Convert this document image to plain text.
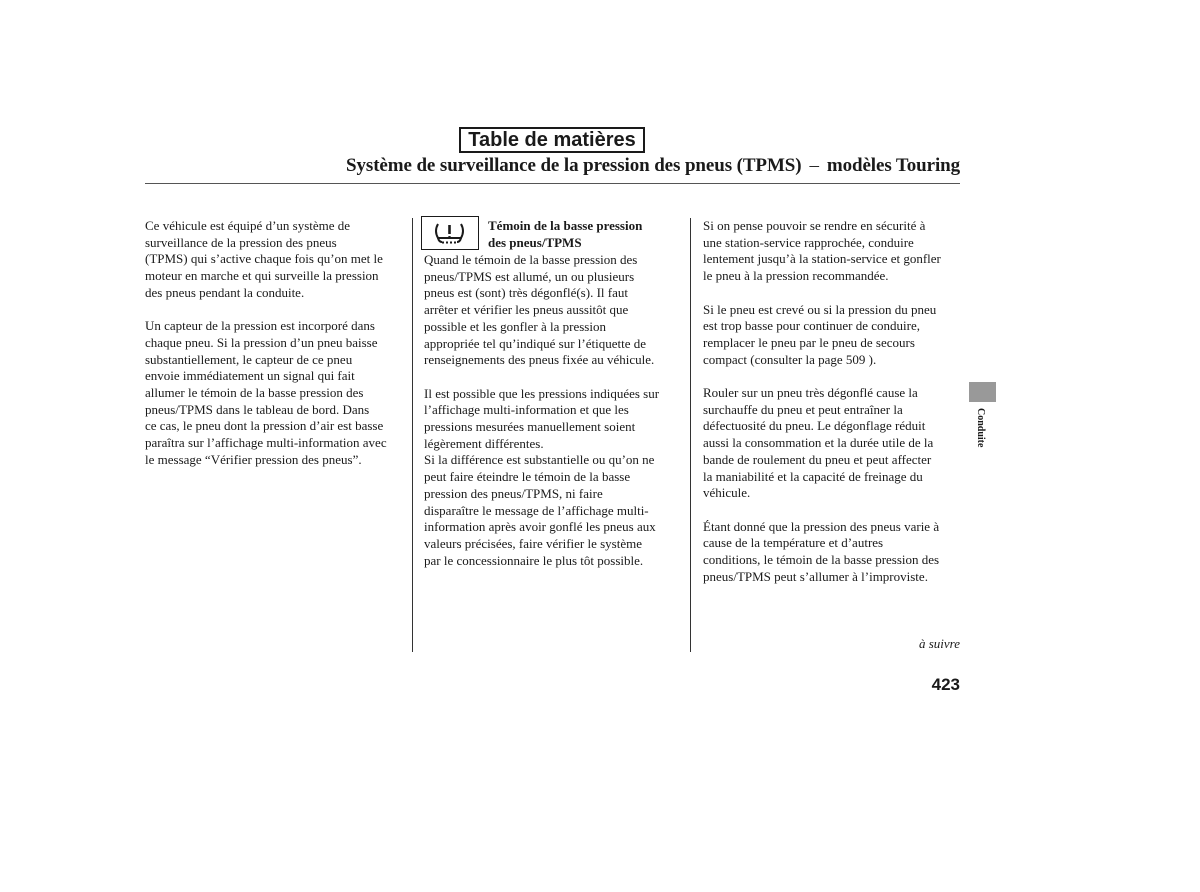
Table de matières
Système de surveillance de la pression des pneus (TPMS) – modèles Touring

Ce véhicule est équipé d’un système de
surveillance de la pression des pneus
(TPMS) qui s’active chaque fois qu’on met le
moteur en marche et qui surveille la pression
des pneus pendant la conduite.

Un capteur de la pression est incorporé dans
chaque pneu. Si la pression d’un pneu baisse
substantiellement, le capteur de ce pneu
envoie immédiatement un signal qui fait
allumer le témoin de la basse pression des
pneus/TPMS dans le tableau de bord. Dans
ce cas, le pneu dont la pression d’air est basse
paraîtra sur l’affichage multi-information avec
le message “Vérifier pression des pneus”.

Témoin de la basse pression
des pneus/TPMS

Quand le témoin de la basse pression des
pneus/TPMS est allumé, un ou plusieurs
pneus est (sont) très dégonflé(s). Il faut
arrêter et vérifier les pneus aussitôt que
possible et les gonfler à la pression
appropriée tel qu’indiqué sur l’étiquette de
renseignements des pneus fixée au véhicule.

Il est possible que les pressions indiquées sur
l’affichage multi-information et que les
pressions mesurées manuellement soient
légèrement différentes.

Si la différence est substantielle ou qu’on ne
peut faire éteindre le témoin de la basse
pression des pneus/TPMS, ni faire
disparaître le message de l’affichage multi-
information après avoir gonflé les pneus aux
valeurs précisées, faire vérifier le système
par le concessionnaire le plus tôt possible.

Si on pense pouvoir se rendre en sécurité à
une station-service rapprochée, conduire
lentement jusqu’à la station-service et gonfler
le pneu à la pression recommandée.

Si le pneu est crevé ou si la pression du pneu
est trop basse pour continuer de conduire,
remplacer le pneu par le pneu de secours
compact (consulter la page 509 ).

Rouler sur un pneu très dégonflé cause la
surchauffe du pneu et peut entraîner la
défectuosité du pneu. Le dégonflage réduit
aussi la consommation et la durée utile de la
bande de roulement du pneu et peut affecter
la maniabilité et la capacité de freinage du
véhicule.

Étant donné que la pression des pneus varie à
cause de la température et d’autres
conditions, le témoin de la basse pression des
pneus/TPMS peut s’allumer à l’improviste.

à suivre
423
Conduite
